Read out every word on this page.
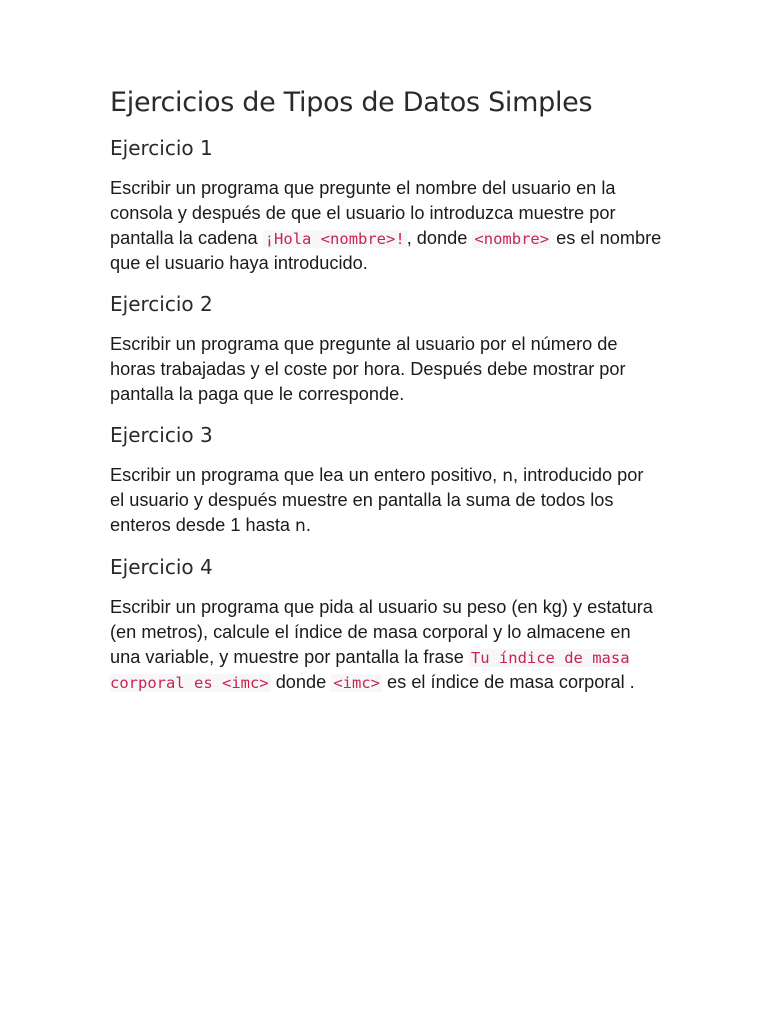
Ejercicios de Tipos de Datos Simples
Ejercicio 1

Escribir un programa que pregunte el nombre del usuario en la consola y después de que el usuario lo introduzca muestre por pantalla la cadena ¡Hola <nombre>! , donde <nombre> es el nombre que el usuario haya introducido.

Ejercicio 2

Escribir un programa que pregunte al usuario por el número de horas trabajadas y el coste por hora. Después debe mostrar por pantalla la paga que le corresponde.

Ejercicio 3

Escribir un programa que lea un entero positivo, n, introducido por el usuario y después muestre en pantalla la suma de todos los enteros desde 1 hasta n.

Ejercicio 4

Escribir un programa que pida al usuario su peso (en kg) y estatura (en metros), calcule el índice de masa corporal y lo almacene en una variable, y muestre por pantalla la frase Tu índice de masa corporal es <imc> donde <imc> es el índice de masa corporal .
